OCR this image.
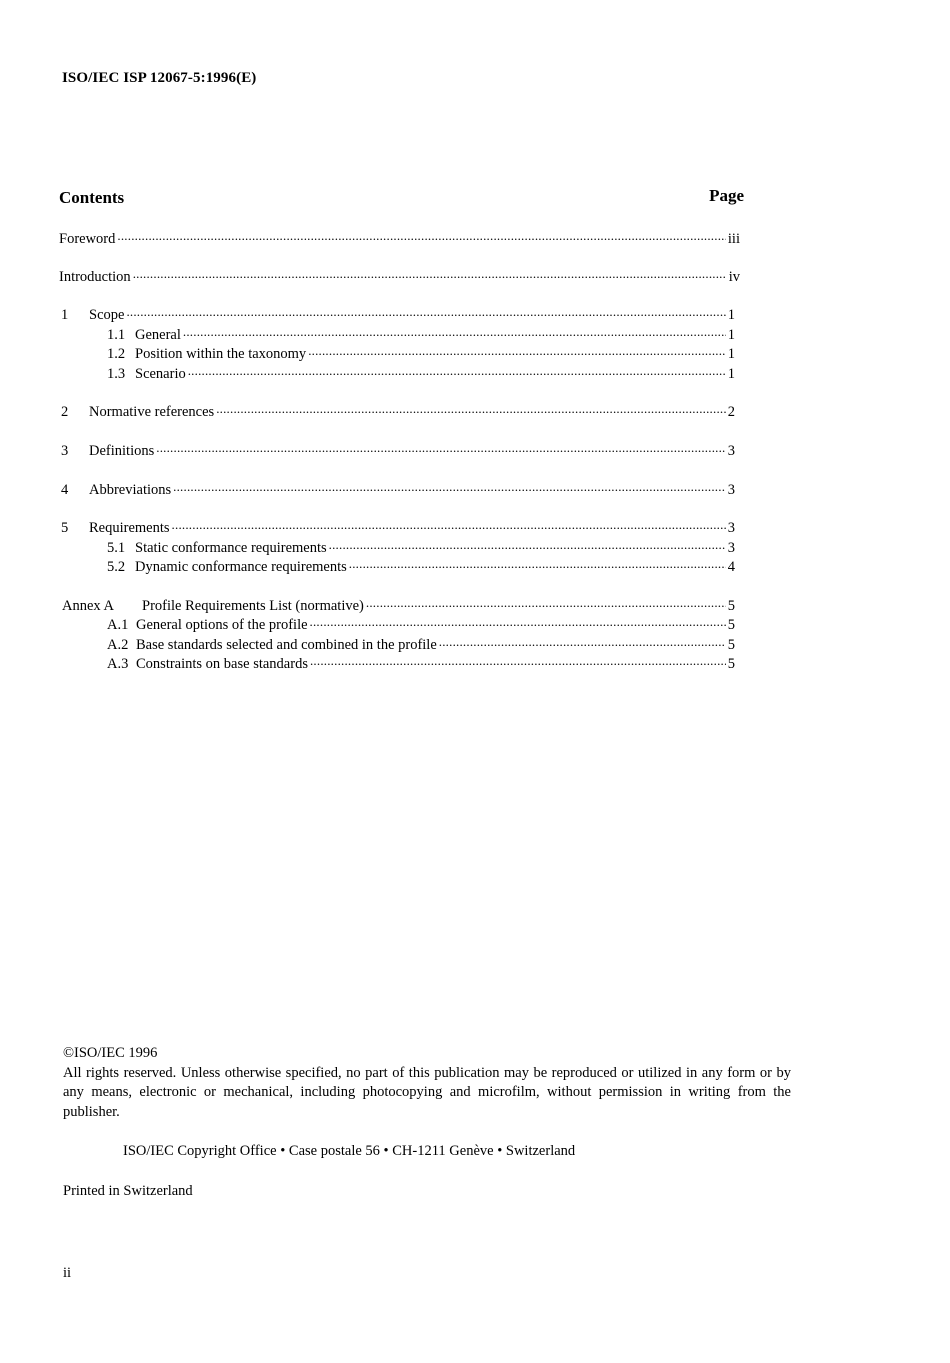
ISO/IEC ISP 12067-5:1996(E)
Contents	Page
Foreword .....	iii
Introduction .....	iv
1	Scope .....	1
1.1 General .....	1
1.2 Position within the taxonomy .....	1
1.3 Scenario .....	1
2	Normative references .....	2
3	Definitions .....	3
4	Abbreviations .....	3
5	Requirements .....	3
5.1 Static conformance requirements .....	3
5.2 Dynamic conformance requirements .....	4
Annex A	Profile Requirements List (normative) .....	5
A.1 General options of the profile .....	5
A.2 Base standards selected and combined in the profile .....	5
A.3 Constraints on base standards .....	5

©ISO/IEC 1996

All rights reserved. Unless otherwise specified, no part of this publication may be reproduced or utilized in any form or by any means, electronic or mechanical, including photocopying and microfilm, without permission in writing from the publisher.

ISO/IEC Copyright Office • Case postale 56 • CH-1211 Genève • Switzerland
Printed in Switzerland
ii
